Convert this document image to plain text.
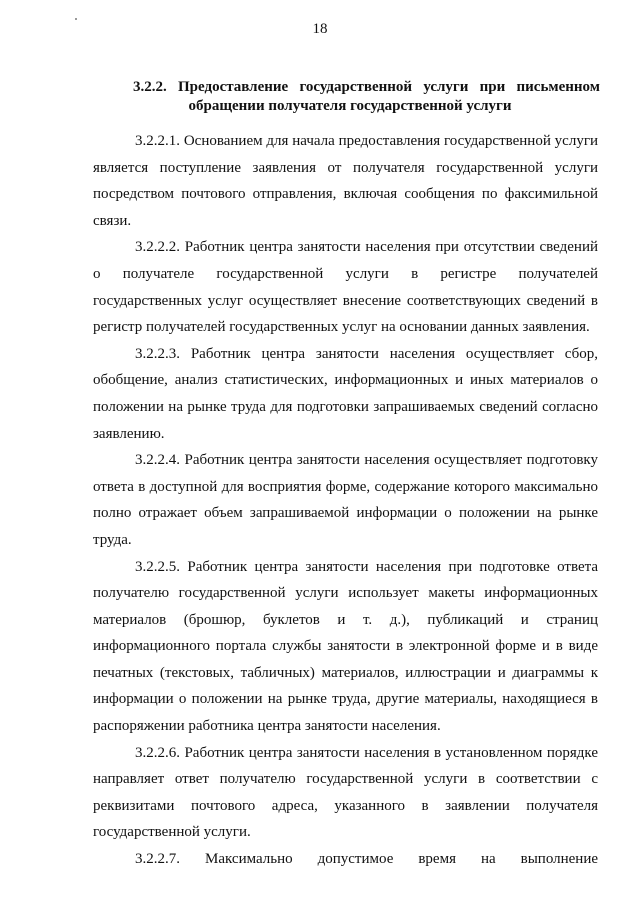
18
3.2.2. Предоставление государственной услуги при письменном
обращении получателя государственной услуги

3.2.2.1. Основанием для начала предоставления государственной услуги является поступление заявления от получателя государственной услуги посредством почтового отправления, включая сообщения по факсимильной связи.

3.2.2.2. Работник центра занятости населения при отсутствии сведений о получателе государственной услуги в регистре получателей государственных услуг осуществляет внесение соответствующих сведений в регистр получателей государственных услуг на основании данных заявления.

3.2.2.3. Работник центра занятости населения осуществляет сбор, обобщение, анализ статистических, информационных и иных материалов о положении на рынке труда для подготовки запрашиваемых сведений согласно заявлению.

3.2.2.4. Работник центра занятости населения осуществляет подготовку ответа в доступной для восприятия форме, содержание которого максимально полно отражает объем запрашиваемой информации о положении на рынке труда.

3.2.2.5. Работник центра занятости населения при подготовке ответа получателю государственной услуги использует макеты информационных материалов (брошюр, буклетов и т. д.), публикаций и страниц информационного портала службы занятости в электронной форме и в виде печатных (текстовых, табличных) материалов, иллюстрации и диаграммы к информации о положении на рынке труда, другие материалы, находящиеся в распоряжении работника центра занятости населения.

3.2.2.6. Работник центра занятости населения в установленном порядке направляет ответ получателю государственной услуги в соответствии с реквизитами почтового адреса, указанного в заявлении получателя государственной услуги.

3.2.2.7. Максимально допустимое время на выполнение
